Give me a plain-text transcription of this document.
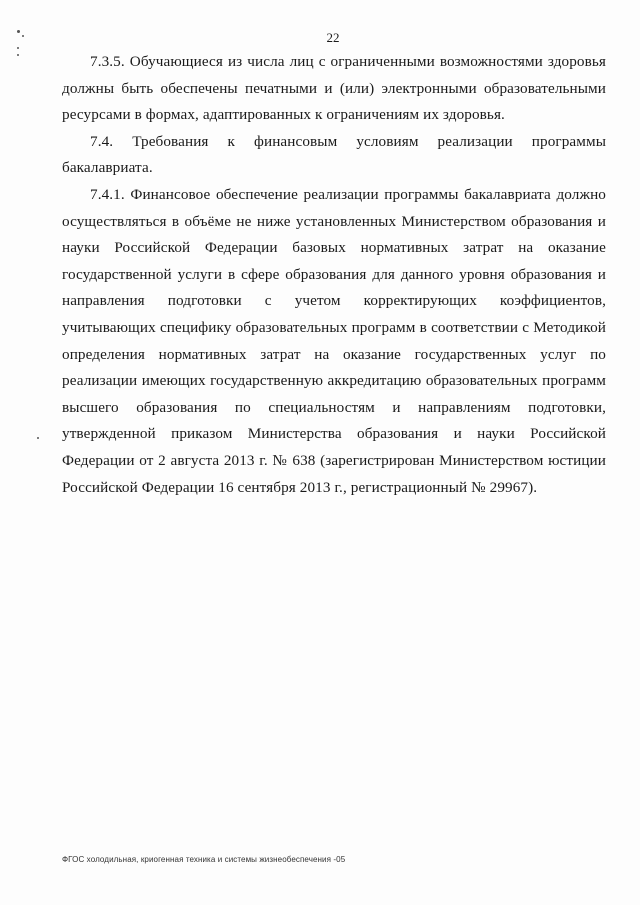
22

7.3.5. Обучающиеся из числа лиц с ограниченными возможностями здоровья должны быть обеспечены печатными и (или) электронными образовательными ресурсами в формах, адаптированных к ограничениям их здоровья.

7.4. Требования к финансовым условиям реализации программы бакалавриата.

7.4.1. Финансовое обеспечение реализации программы бакалавриата должно осуществляться в объёме не ниже установленных Министерством образования и науки Российской Федерации базовых нормативных затрат на оказание государственной услуги в сфере образования для данного уровня образования и направления подготовки с учетом корректирующих коэффициентов, учитывающих специфику образовательных программ в соответствии с Методикой определения нормативных затрат на оказание государственных услуг по реализации имеющих государственную аккредитацию образовательных программ высшего образования по специальностям и направлениям подготовки, утвержденной приказом Министерства образования и науки Российской Федерации от 2 августа 2013 г. № 638 (зарегистрирован Министерством юстиции Российской Федерации 16 сентября 2013 г., регистрационный № 29967).

ФГОС холодильная, криогенная техника и системы жизнеобеспечения -05
